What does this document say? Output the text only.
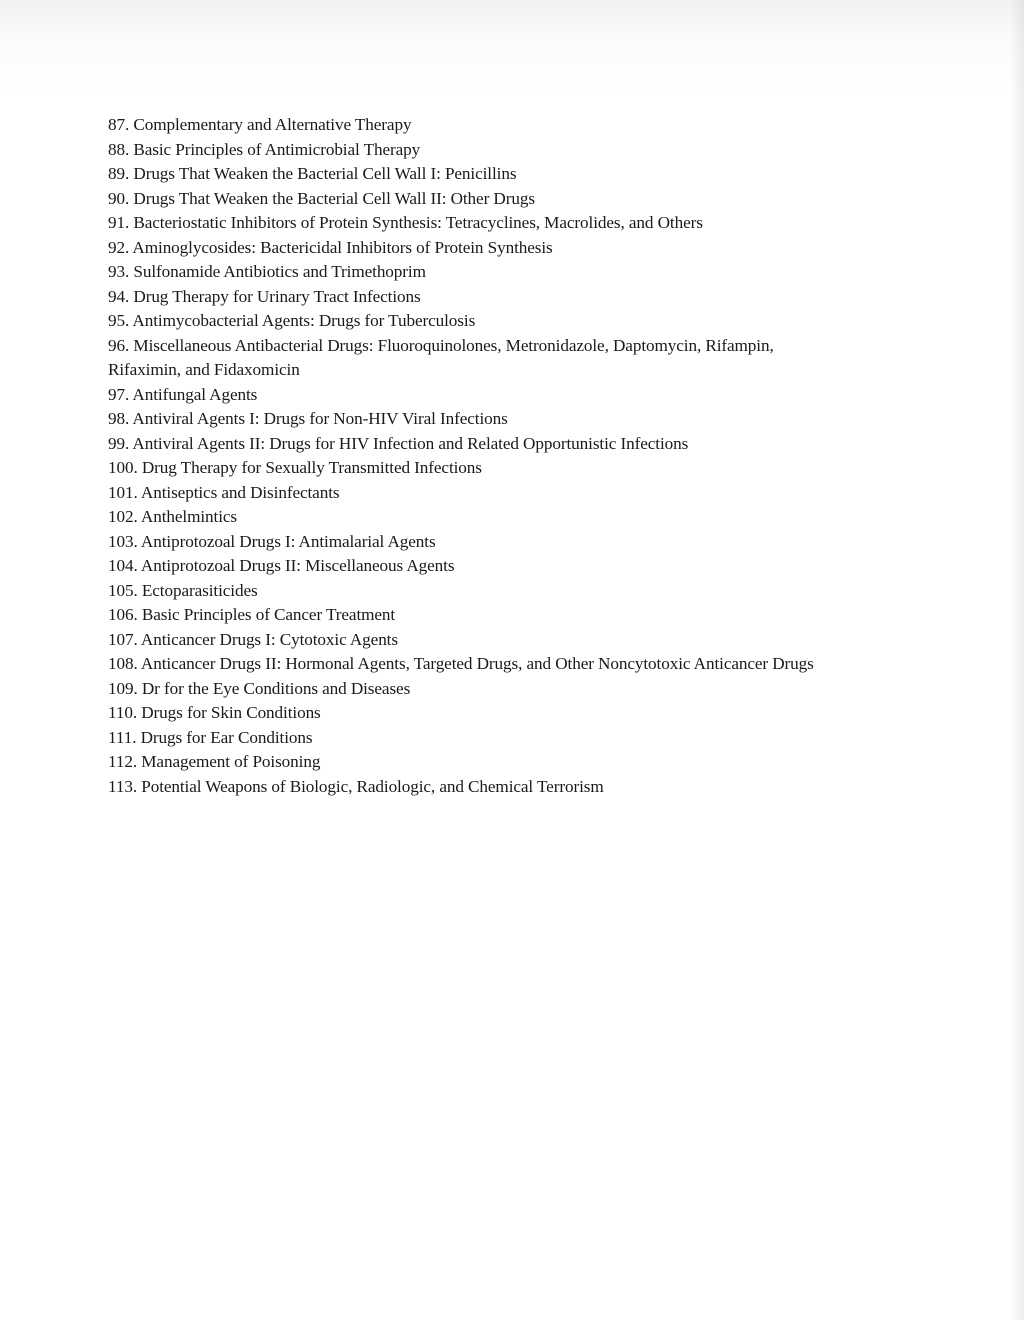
87. Complementary and Alternative Therapy
88. Basic Principles of Antimicrobial Therapy
89. Drugs That Weaken the Bacterial Cell Wall I: Penicillins
90. Drugs That Weaken the Bacterial Cell Wall II: Other Drugs
91. Bacteriostatic Inhibitors of Protein Synthesis: Tetracyclines, Macrolides, and Others
92. Aminoglycosides: Bactericidal Inhibitors of Protein Synthesis
93. Sulfonamide Antibiotics and Trimethoprim
94. Drug Therapy for Urinary Tract Infections
95. Antimycobacterial Agents: Drugs for Tuberculosis
96. Miscellaneous Antibacterial Drugs: Fluoroquinolones, Metronidazole, Daptomycin, Rifampin, Rifaximin, and Fidaxomicin
97. Antifungal Agents
98. Antiviral Agents I: Drugs for Non-HIV Viral Infections
99. Antiviral Agents II: Drugs for HIV Infection and Related Opportunistic Infections
100. Drug Therapy for Sexually Transmitted Infections
101. Antiseptics and Disinfectants
102. Anthelmintics
103. Antiprotozoal Drugs I: Antimalarial Agents
104. Antiprotozoal Drugs II: Miscellaneous Agents
105. Ectoparasiticides
106. Basic Principles of Cancer Treatment
107. Anticancer Drugs I: Cytotoxic Agents
108. Anticancer Drugs II: Hormonal Agents, Targeted Drugs, and Other Noncytotoxic Anticancer Drugs
109. Dr for the Eye Conditions and Diseases
110. Drugs for Skin Conditions
111. Drugs for Ear Conditions
112. Management of Poisoning
113. Potential Weapons of Biologic, Radiologic, and Chemical Terrorism
